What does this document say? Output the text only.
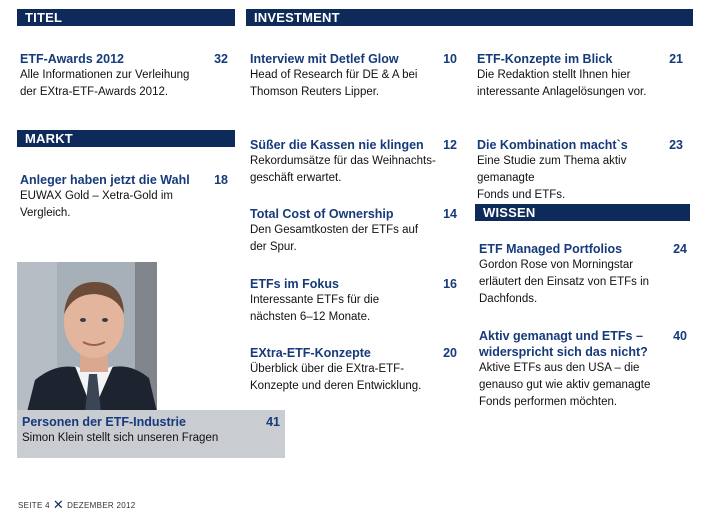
TITEL	INVESTMENT
MARKT
WISSEN
ETF-Awards 2012	32
Alle Informationen zur Verleihung
der EXtra-ETF-Awards 2012.
Anleger haben jetzt die Wahl	18
EUWAX Gold – Xetra-Gold im
Vergleich.
Personen der ETF-Industrie	41
Simon Klein stellt sich unseren Fragen
Interview mit Detlef Glow	10
Head of Research für DE & A bei
Thomson Reuters Lipper.
Süßer die Kassen nie klingen	12
Rekordumsätze für das Weihnachts-
geschäft erwartet.
Total Cost of Ownership	14
Den Gesamtkosten der ETFs auf
der Spur.
ETFs im Fokus	16
Interessante ETFs für die
nächsten 6–12 Monate.
EXtra-ETF-Konzepte	20
Überblick über die EXtra-ETF-
Konzepte und deren Entwicklung.
ETF-Konzepte im Blick	21
Die Redaktion stellt Ihnen hier
interessante Anlagelösungen vor.
Die Kombination macht`s	23
Eine Studie zum Thema aktiv gemanagte
Fonds und ETFs.
ETF Managed Portfolios	24
Gordon Rose von Morningstar
erläutert den Einsatz von ETFs in
Dachfonds.
Aktiv gemanagt und ETFs –	40
widerspricht sich das nicht?
Aktive ETFs aus den USA – die
genauso gut wie aktiv gemanagte
Fonds performen möchten.
SEITE 4 ✕ DEZEMBER 2012
